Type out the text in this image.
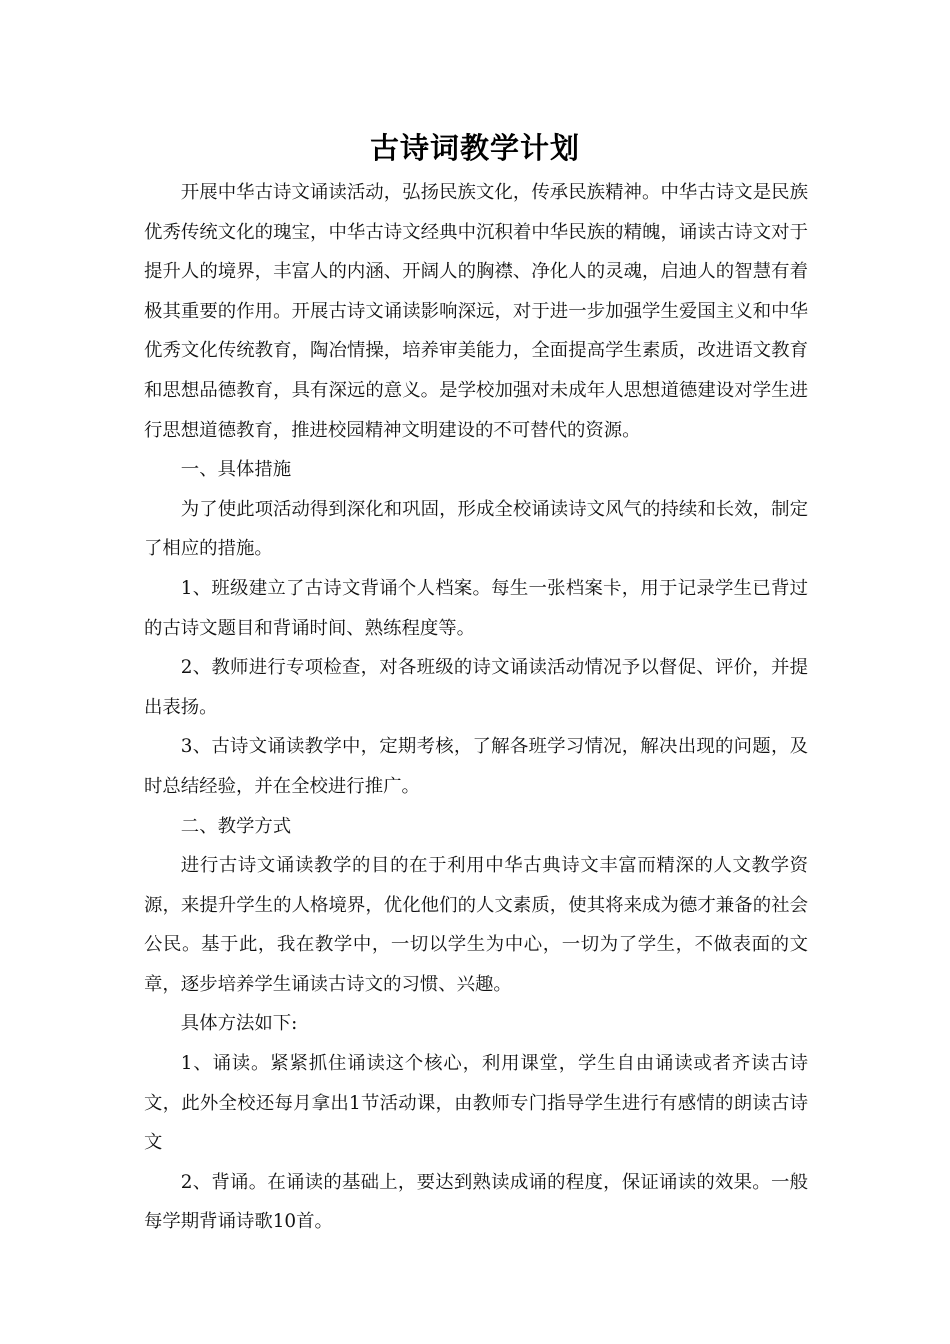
古诗词教学计划

开展中华古诗文诵读活动，弘扬民族文化，传承民族精神。中华古诗文是民族优秀传统文化的瑰宝，中华古诗文经典中沉积着中华民族的精魄，诵读古诗文对于提升人的境界，丰富人的内涵、开阔人的胸襟、净化人的灵魂，启迪人的智慧有着极其重要的作用。开展古诗文诵读影响深远，对于进一步加强学生爱国主义和中华优秀文化传统教育，陶冶情操，培养审美能力，全面提高学生素质，改进语文教育和思想品德教育，具有深远的意义。是学校加强对未成年人思想道德建设对学生进行思想道德教育，推进校园精神文明建设的不可替代的资源。

一、具体措施

为了使此项活动得到深化和巩固，形成全校诵读诗文风气的持续和长效，制定了相应的措施。

1、班级建立了古诗文背诵个人档案。每生一张档案卡，用于记录学生已背过的古诗文题目和背诵时间、熟练程度等。

2、教师进行专项检查，对各班级的诗文诵读活动情况予以督促、评价，并提出表扬。

3、古诗文诵读教学中，定期考核，了解各班学习情况，解决出现的问题，及时总结经验，并在全校进行推广。

二、教学方式

进行古诗文诵读教学的目的在于利用中华古典诗文丰富而精深的人文教学资源，来提升学生的人格境界，优化他们的人文素质，使其将来成为德才兼备的社会公民。基于此，我在教学中，一切以学生为中心，一切为了学生，不做表面的文章，逐步培养学生诵读古诗文的习惯、兴趣。

具体方法如下:

1、诵读。紧紧抓住诵读这个核心，利用课堂，学生自由诵读或者齐读古诗文，此外全校还每月拿出1节活动课，由教师专门指导学生进行有感情的朗读古诗文

2、背诵。在诵读的基础上，要达到熟读成诵的程度，保证诵读的效果。一般每学期背诵诗歌10首。
